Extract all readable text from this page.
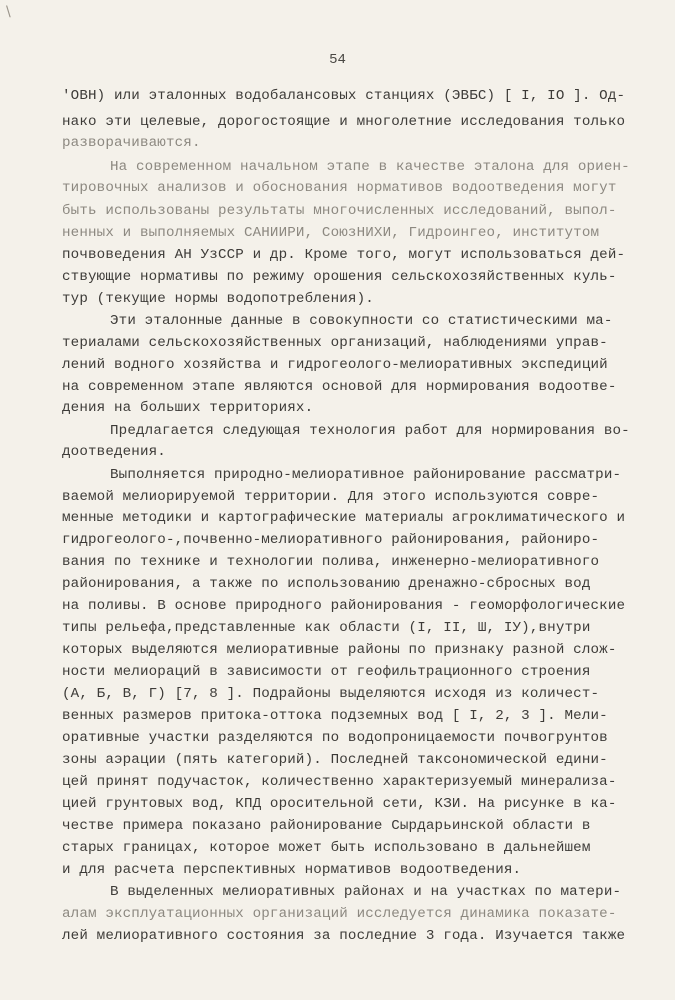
\
54
'ОВН) или эталонных водобалансовых станциях (ЭВБС) [ I, IO ]. Од-
нако эти целевые, дорогостоящие и многолетние исследования только
разворачиваются.
На современном начальном этапе в качестве эталона для ориен-
тировочных анализов и обоснования нормативов водоотведения могут
быть использованы результаты многочисленных исследований, выпол-
ненных и выполняемых САНИИРИ, СоюзНИХИ, Гидроингео, институтом
почвоведения АН УзССР и др. Кроме того, могут использоваться дей-
ствующие нормативы по режиму орошения сельскохозяйственных куль-
тур (текущие нормы водопотребления).
Эти эталонные данные в совокупности со статистическими ма-
териалами сельскохозяйственных организаций, наблюдениями управ-
лений водного хозяйства и гидрогеолого-мелиоративных экспедиций
на современном этапе являются основой для нормирования водоотве-
дения на больших территориях.
Предлагается следующая технология работ для нормирования во-
доотведения.
Выполняется природно-мелиоративное районирование рассматри-
ваемой мелиорируемой территории. Для этого используются совре-
менные методики и картографические материалы агроклиматического и
гидрогеолого-,почвенно-мелиоративного районирования, райониро-
вания по технике и технологии полива, инженерно-мелиоративного
районирования, а также по использованию дренажно-сбросных вод
на поливы. В основе природного районирования - геоморфологические
типы рельефа,представленные как области (I, II, Ш, IУ),внутри
которых выделяются мелиоративные районы по признаку разной слож-
ности мелиораций в зависимости от геофильтрационного строения
(А, Б, В, Г) [7, 8 ]. Подрайоны выделяются исходя из количест-
венных размеров притока-оттока подземных вод [ I, 2, 3 ]. Мели-
оративные участки разделяются по водопроницаемости почвогрунтов
зоны аэрации (пять категорий). Последней таксономической едини-
цей принят подучасток, количественно характеризуемый минерализа-
цией грунтовых вод, КПД оросительной сети, КЗИ. На рисунке в ка-
честве примера показано районирование Сырдарьинской области в
старых границах, которое может быть использовано в дальнейшем
и для расчета перспективных нормативов водоотведения.
В выделенных мелиоративных районах и на участках по матери-
алам эксплуатационных организаций исследуется динамика показате-
лей мелиоративного состояния за последние 3 года. Изучается также
